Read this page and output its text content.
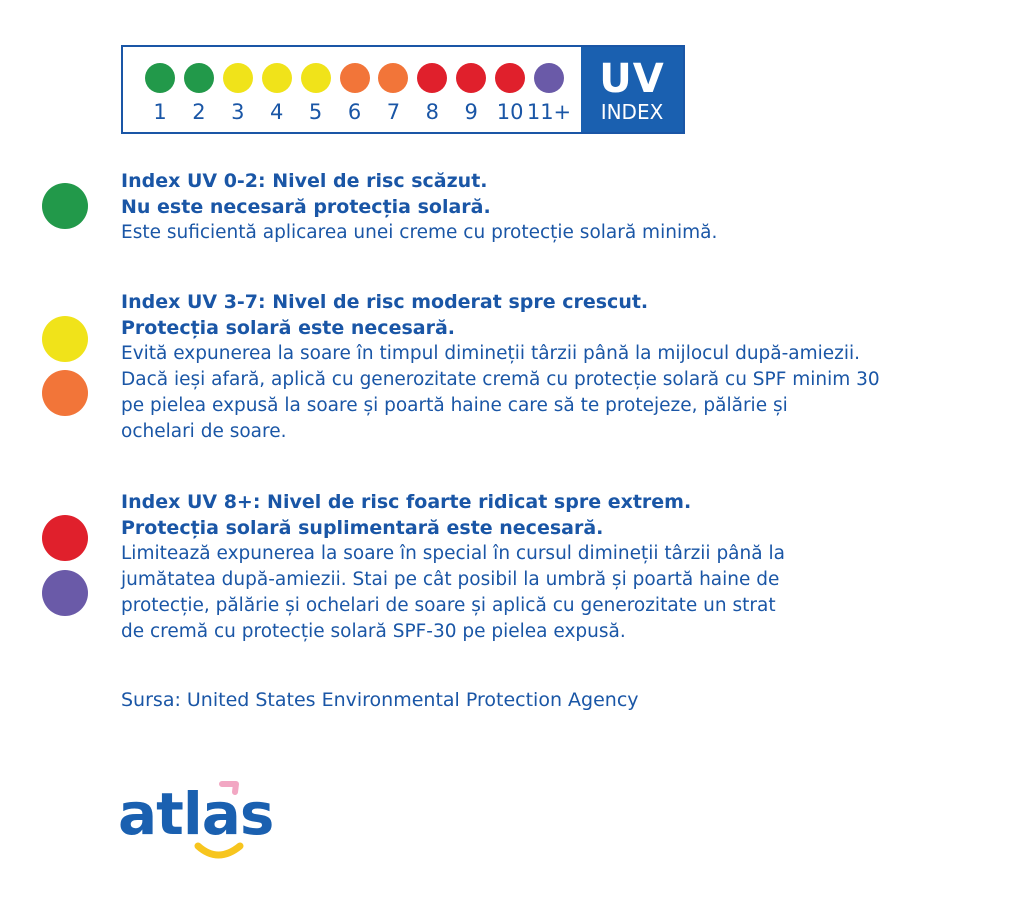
1	2	3	4	5	6	7	8	9 10 11+
UV
INDEX
Index UV 0-2: Nivel de risc scăzut.
Nu este necesară protecția solară.
Este suficientă aplicarea unei creme cu protecție solară minimă.
Index UV 3-7: Nivel de risc moderat spre crescut.
Protecția solară este necesară.
Evită expunerea la soare în timpul dimineții târzii până la mijlocul după-amiezii.
Dacă ieși afară, aplică cu generozitate cremă cu protecție solară cu SPF minim 30
pe pielea expusă la soare și poartă haine care să te protejeze, pălărie și
ochelari de soare.
Index UV 8+: Nivel de risc foarte ridicat spre extrem.
Protecția solară suplimentară este necesară.
Limitează expunerea la soare în special în cursul dimineții târzii până la
jumătatea după-amiezii. Stai pe cât posibil la umbră și poartă haine de
protecție, pălărie și ochelari de soare și aplică cu generozitate un strat
de cremă cu protecție solară SPF-30 pe pielea expusă.
Sursa: United States Environmental Protection Agency
atlas
